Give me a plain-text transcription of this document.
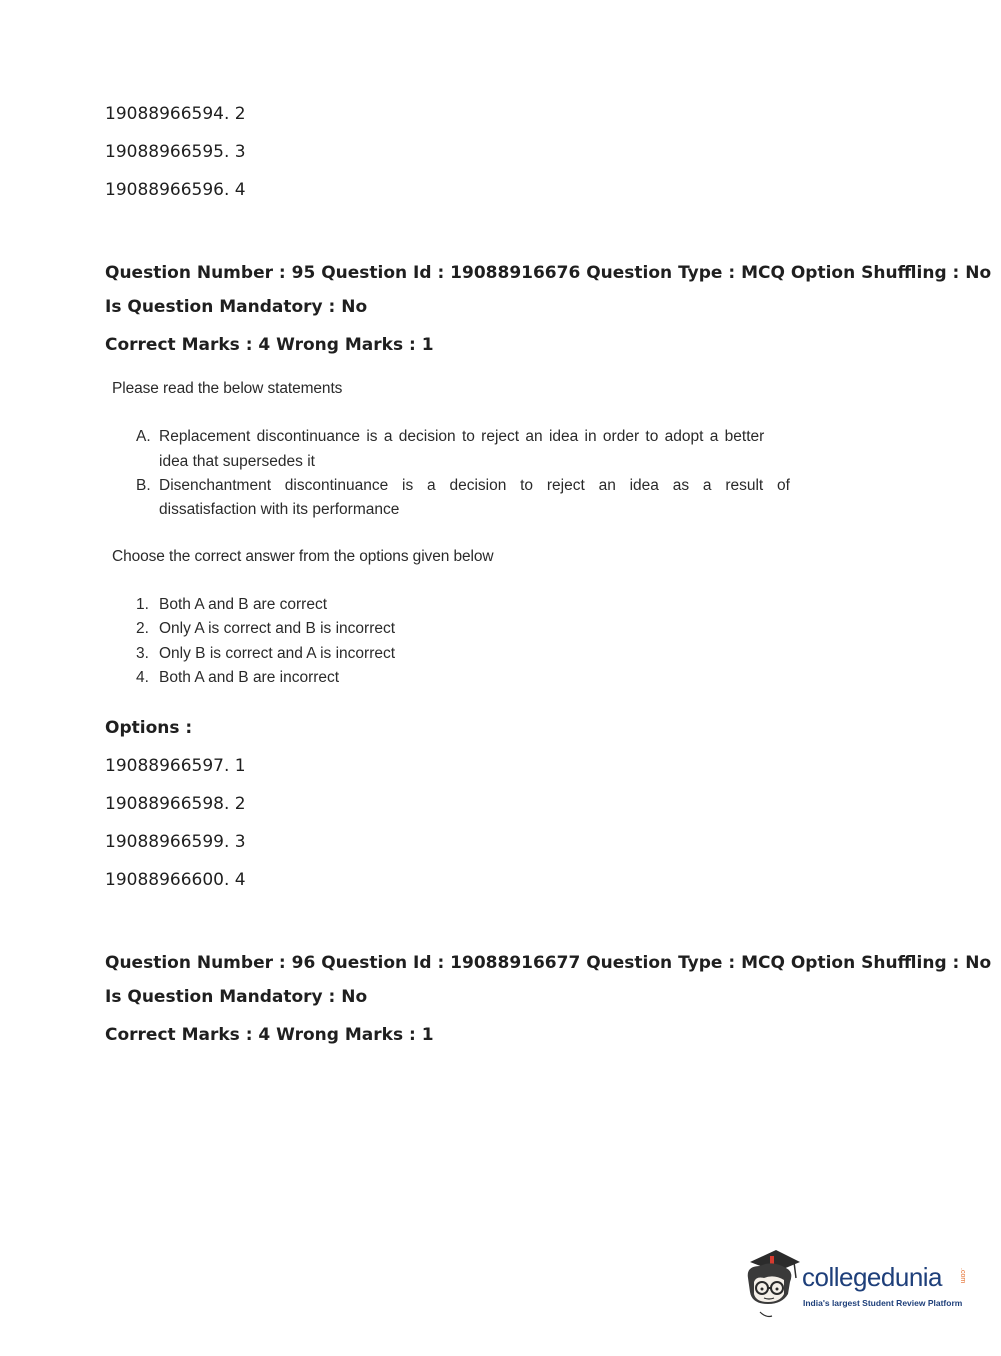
19088966594. 2
19088966595. 3
19088966596. 4
Question Number : 95 Question Id : 19088916676 Question Type : MCQ Option Shuffling : No
Is Question Mandatory : No
Correct Marks : 4 Wrong Marks : 1
Please read the below statements
A. Replacement discontinuance is a decision to reject an idea in order to adopt a better
idea that supersedes it
B. Disenchantment discontinuance is a decision to reject an idea as a result of
dissatisfaction with its performance
Choose the correct answer from the options given below
1. Both A and B are correct
2. Only A is correct and B is incorrect
3. Only B is correct and A is incorrect
4. Both A and B are incorrect
Options :
19088966597. 1
19088966598. 2
19088966599. 3
19088966600. 4
Question Number : 96 Question Id : 19088916677 Question Type : MCQ Option Shuffling : No
Is Question Mandatory : No
Correct Marks : 4 Wrong Marks : 1
collegedunia .com
India's largest Student Review Platform
